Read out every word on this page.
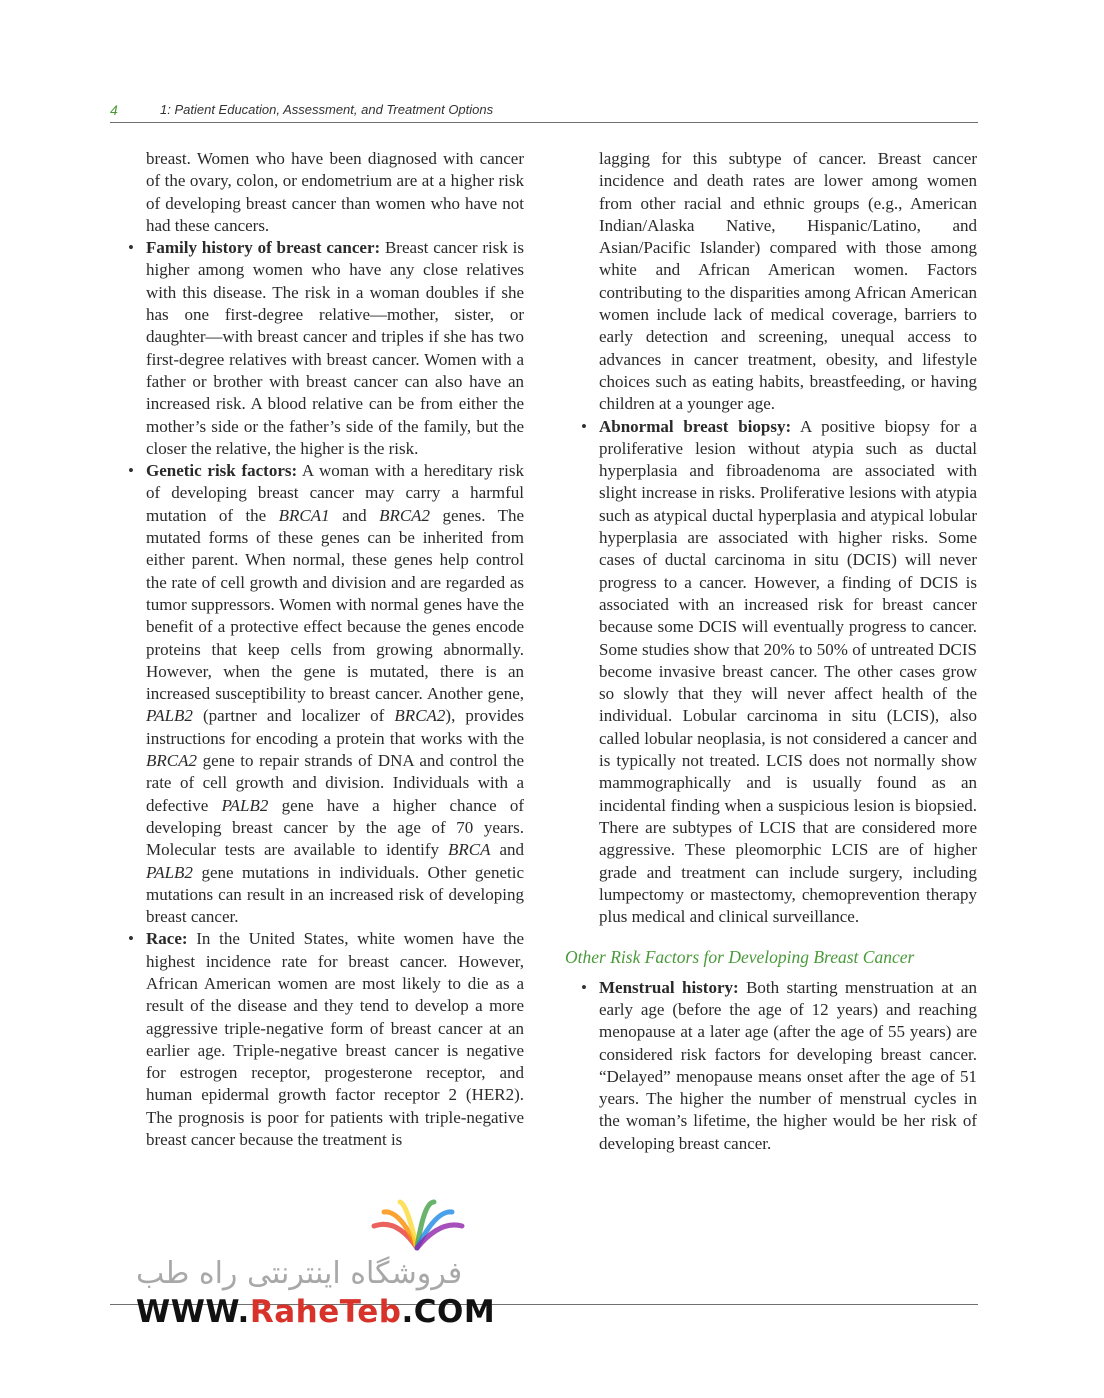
4	1: Patient Education, Assessment, and Treatment Options

breast. Women who have been diagnosed with cancer of the ovary, colon, or endometrium are at a higher risk of developing breast cancer than women who have not had these cancers.

• Family history of breast cancer: Breast cancer risk is higher among women who have any close relatives with this disease. The risk in a woman doubles if she has one first-degree relative—mother, sister, or daughter—with breast cancer and triples if she has two first-degree relatives with breast cancer. Women with a father or brother with breast cancer can also have an increased risk. A blood relative can be from either the mother’s side or the father’s side of the family, but the closer the relative, the higher is the risk.
• Genetic risk factors: A woman with a hereditary risk of developing breast cancer may carry a harmful mutation of the BRCA1 and BRCA2 genes. The mutated forms of these genes can be inherited from either parent. When normal, these genes help control the rate of cell growth and division and are regarded as tumor suppressors. Women with normal genes have the benefit of a protective effect because the genes encode proteins that keep cells from growing abnormally. However, when the gene is mutated, there is an increased susceptibility to breast cancer. Another gene, PALB2 (partner and localizer of BRCA2), provides instructions for encoding a protein that works with the BRCA2 gene to repair strands of DNA and control the rate of cell growth and division. Individuals with a defective PALB2 gene have a higher chance of developing breast cancer by the age of 70 years. Molecular tests are available to identify BRCA and PALB2 gene mutations in individuals. Other genetic mutations can result in an increased risk of developing breast cancer.
• Race: In the United States, white women have the highest incidence rate for breast cancer. However, African American women are most likely to die as a result of the disease and they tend to develop a more aggressive triple-negative form of breast cancer at an earlier age. Triple-negative breast cancer is negative for estrogen receptor, progesterone receptor, and human epidermal growth factor receptor 2 (HER2). The prognosis is poor for patients with triple-negative breast cancer because the treatment is

lagging for this subtype of cancer. Breast cancer incidence and death rates are lower among women from other racial and ethnic groups (e.g., American Indian/Alaska Native, Hispanic/Latino, and Asian/Pacific Islander) compared with those among white and African American women. Factors contributing to the disparities among African American women include lack of medical coverage, barriers to early detection and screening, unequal access to advances in cancer treatment, obesity, and lifestyle choices such as eating habits, breastfeeding, or having children at a younger age.

• Abnormal breast biopsy: A positive biopsy for a proliferative lesion without atypia such as ductal hyperplasia and fibroadenoma are associated with slight increase in risks. Proliferative lesions with atypia such as atypical ductal hyperplasia and atypical lobular hyperplasia are associated with higher risks. Some cases of ductal carcinoma in situ (DCIS) will never progress to a cancer. However, a finding of DCIS is associated with an increased risk for breast cancer because some DCIS will eventually progress to cancer. Some studies show that 20% to 50% of untreated DCIS become invasive breast cancer. The other cases grow so slowly that they will never affect health of the individual. Lobular carcinoma in situ (LCIS), also called lobular neoplasia, is not considered a cancer and is typically not treated. LCIS does not normally show mammographically and is usually found as an incidental finding when a suspicious lesion is biopsied. There are subtypes of LCIS that are considered more aggressive. These pleomorphic LCIS are of higher grade and treatment can include surgery, including lumpectomy or mastectomy, chemoprevention therapy plus medical and clinical surveillance.
Other Risk Factors for Developing Breast Cancer
• Menstrual history: Both starting menstruation at an early age (before the age of 12 years) and reaching menopause at a later age (after the age of 55 years) are considered risk factors for developing breast cancer. “Delayed” menopause means onset after the age of 51 years. The higher the number of menstrual cycles in the woman’s lifetime, the higher would be her risk of developing breast cancer.
فروشگاه اینترنتی راه طب
WWW.RaheTeb.COM
